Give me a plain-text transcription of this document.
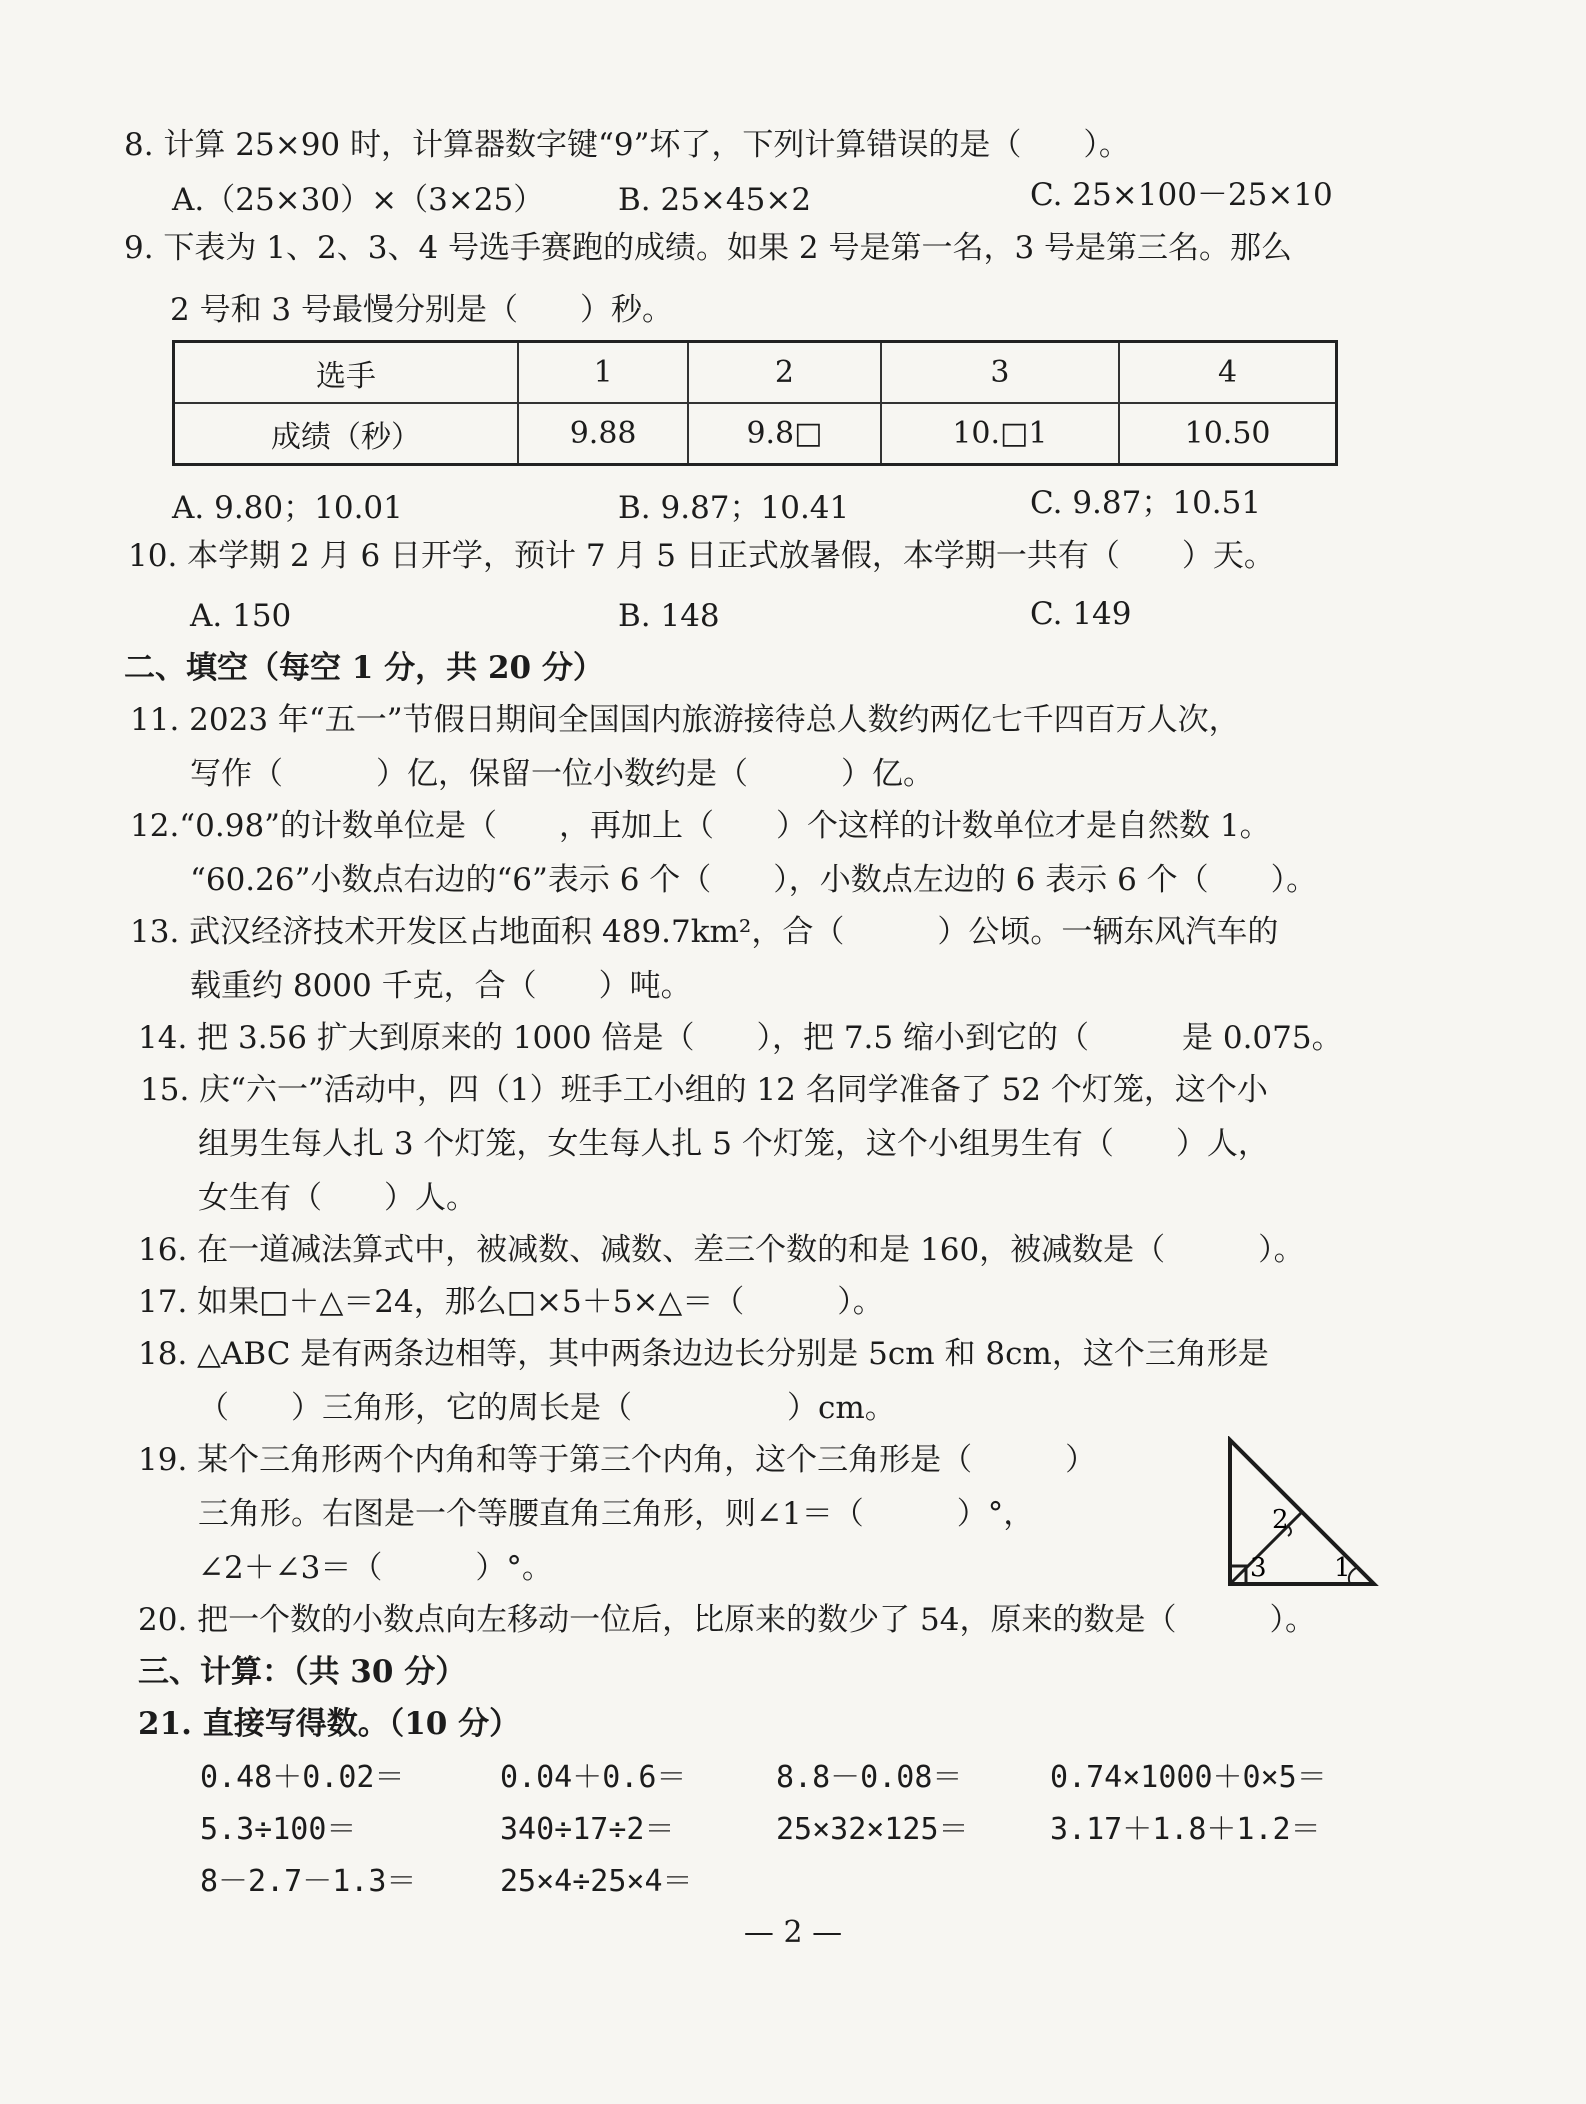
8. 计算 25×90 时，计算器数字键“9”坏了，下列计算错误的是（　　）。
A.（25×30）×（3×25） B. 25×45×2	C. 25×100－25×10
9. 下表为 1、2、3、4 号选手赛跑的成绩。如果 2 号是第一名，3 号是第三名。那么
2 号和 3 号最慢分别是（　　）秒。
选手	1	2	3	4
成绩（秒）	9.88	9.8□	10.□1	10.50
A. 9.80；10.01	B. 9.87；10.41	C. 9.87；10.51
10. 本学期 2 月 6 日开学，预计 7 月 5 日正式放暑假，本学期一共有（　　）天。
A. 150	B. 148	C. 149
二、填空（每空 1 分，共 20 分）
11. 2023 年“五一”节假日期间全国国内旅游接待总人数约两亿七千四百万人次，
写作（　　　）亿，保留一位小数约是（　　　）亿。
12.“0.98”的计数单位是（　　，再加上（　　）个这样的计数单位才是自然数 1。
“60.26”小数点右边的“6”表示 6 个（　　），小数点左边的 6 表示 6 个（　　）。
13. 武汉经济技术开发区占地面积 489.7km²，合（　　　）公顷。一辆东风汽车的
载重约 8000 千克，合（　　）吨。
14. 把 3.56 扩大到原来的 1000 倍是（　　），把 7.5 缩小到它的（　　　是 0.075。
15. 庆“六一”活动中，四（1）班手工小组的 12 名同学准备了 52 个灯笼，这个小
组男生每人扎 3 个灯笼，女生每人扎 5 个灯笼，这个小组男生有（　　）人，
女生有（　　）人。
16. 在一道减法算式中，被减数、减数、差三个数的和是 160，被减数是（　　　）。
17. 如果□＋△＝24，那么□×5＋5×△＝（　　　）。
18. △ABC 是有两条边相等，其中两条边边长分别是 5cm 和 8cm，这个三角形是
（　　）三角形，它的周长是（　　　　　）cm。
19. 某个三角形两个内角和等于第三个内角，这个三角形是（　　　）
三角形。右图是一个等腰直角三角形，则∠1＝（　　　）°，
∠2＋∠3＝（　　　）°。
2
3	1
20. 把一个数的小数点向左移动一位后，比原来的数少了 54，原来的数是（　　　）。
三、计算：（共 30 分）
21. 直接写得数。（10 分）
0.48＋0.02＝	0.04＋0.6＝	8.8－0.08＝	0.74×1000＋0×5＝
5.3÷100＝	340÷17÷2＝	25×32×125＝	3.17＋1.8＋1.2＝
8－2.7－1.3＝	25×4÷25×4＝
— 2 —
